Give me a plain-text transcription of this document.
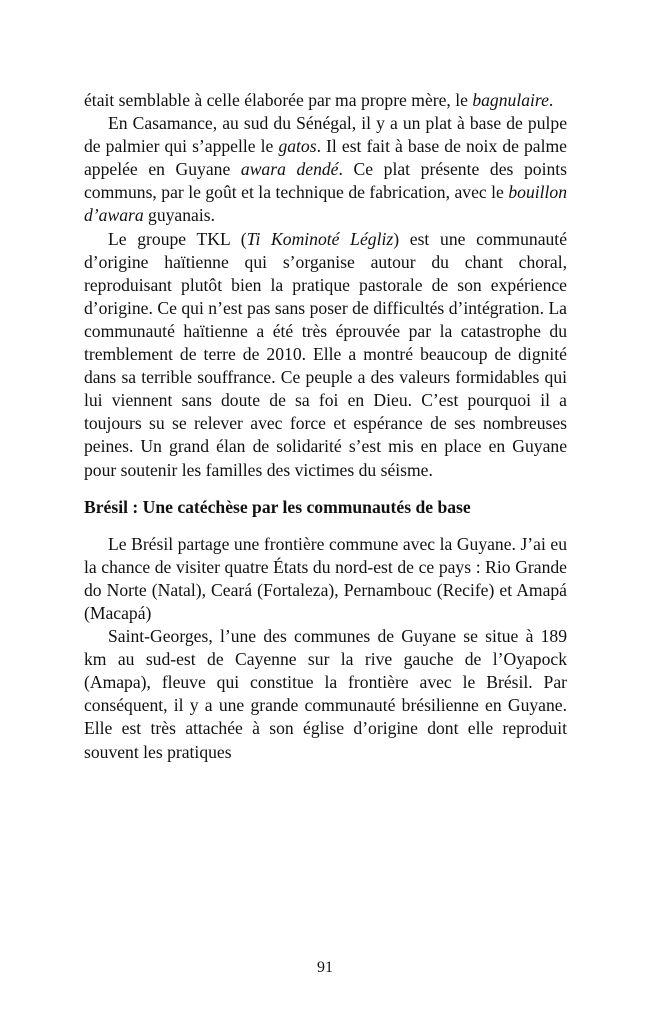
était semblable à celle élaborée par ma propre mère, le bagnulaire.

En Casamance, au sud du Sénégal, il y a un plat à base de pulpe de palmier qui s’appelle le gatos. Il est fait à base de noix de palme appelée en Guyane awara dendé. Ce plat présente des points communs, par le goût et la technique de fabrication, avec le bouillon d’awara guyanais.

Le groupe TKL (Ti Kominoté Légliz) est une communauté d’origine haïtienne qui s’organise autour du chant choral, reproduisant plutôt bien la pratique pastorale de son expérience d’origine. Ce qui n’est pas sans poser de difficultés d’intégration. La communauté haïtienne a été très éprouvée par la catastrophe du tremblement de terre de 2010. Elle a montré beaucoup de dignité dans sa terrible souffrance. Ce peuple a des valeurs formidables qui lui viennent sans doute de sa foi en Dieu. C’est pourquoi il a toujours su se relever avec force et espérance de ses nombreuses peines. Un grand élan de solidarité s’est mis en place en Guyane pour soutenir les familles des victimes du séisme.

Brésil : Une catéchèse par les communautés de base

Le Brésil partage une frontière commune avec la Guyane. J’ai eu la chance de visiter quatre États du nord-est de ce pays : Rio Grande do Norte (Natal), Ceará (Fortaleza), Pernambouc (Recife) et Amapá (Macapá)

Saint-Georges, l’une des communes de Guyane se situe à 189 km au sud-est de Cayenne sur la rive gauche de l’Oyapock (Amapa), fleuve qui constitue la frontière avec le Brésil. Par conséquent, il y a une grande communauté brésilienne en Guyane. Elle est très attachée à son église d’origine dont elle reproduit souvent les pratiques

91
